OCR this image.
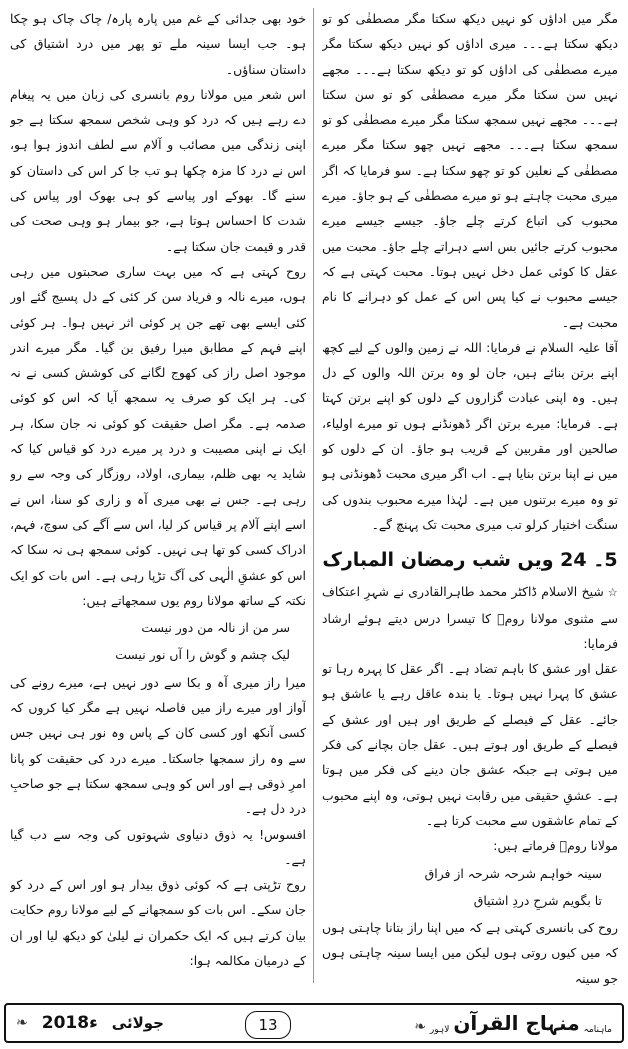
مگر میں اداؤں کو نہیں دیکھ سکتا مگر مصطفٰی کو تو دیکھ سکتا ہے۔۔۔ میری اداؤں کو نہیں دیکھ سکتا مگر میرے مصطفٰی کی اداؤں کو تو دیکھ سکتا ہے۔۔۔ مجھے نہیں سن سکتا مگر میرے مصطفٰی کو تو سن سکتا ہے۔۔۔ مجھے نہیں سمجھ سکتا مگر میرے مصطفٰی کو تو سمجھ سکتا ہے۔۔۔ مجھے نہیں چھو سکتا مگر میرے مصطفٰی کے نعلین کو تو چھو سکتا ہے۔ سو فرمایا کہ اگر میری محبت چاہتے ہو تو میرے مصطفٰی کے ہو جاؤ۔ میرے محبوب کی اتباع کرتے چلے جاؤ۔ جیسے جیسے میرے محبوب کرتے جائیں بس اسے دہراتے چلے جاؤ۔ محبت میں عقل کا کوئی عمل دخل نہیں ہوتا۔ محبت کہتی ہے کہ جیسے محبوب نے کیا پس اس کے عمل کو دہرانے کا نام محبت ہے۔

آقا علیہ السلام نے فرمایا: اللہ نے زمین والوں کے لیے کچھ اپنے برتن بنائے ہیں، جان لو وہ برتن اللہ والوں کے دل ہیں۔ وہ اپنی عبادت گزاروں کے دلوں کو اپنے برتن کہتا ہے۔ فرمایا: میرے برتن اگر ڈھونڈنے ہوں تو میرے اولیاء، صالحین اور مقربین کے قریب ہو جاؤ۔ ان کے دلوں کو میں نے اپنا برتن بنایا ہے۔ اب اگر میری محبت ڈھونڈنی ہو تو وہ میرے برتنوں میں ہے۔ لہٰذا میرے محبوب بندوں کی سنگت اختیار کرلو تب میری محبت تک پہنچ گے۔

5۔ 24 ویں شب رمضان المبارک

☆شیخ الاسلام ڈاکٹر محمد طاہرالقادری نے شہرِ اعتکاف سے مثنوی مولانا رومؒ کا تیسرا درس دیتے ہوئے ارشاد فرمایا:

عقل اور عشق کا باہم تضاد ہے۔ اگر عقل کا پہرہ رہا تو عشق کا پہرا نہیں ہوتا۔ یا بندہ عاقل رہے یا عاشق ہو جائے۔ عقل کے فیصلے کے طریق اور ہیں اور عشق کے فیصلے کے طریق اور ہوتے ہیں۔ عقل جان بچانے کی فکر میں ہوتی ہے جبکہ عشق جان دینے کی فکر میں ہوتا ہے۔ عشقِ حقیقی میں رقابت نہیں ہوتی، وہ اپنے محبوب کے تمام عاشقوں سے محبت کرتا ہے۔

مولانا رومؒ فرماتے ہیں:

سینہ خواہم شرحہ شرحہ از فراق
تا بگویم شرحِ دردِ اشتیاق

روح کی بانسری کہتی ہے کہ میں اپنا راز بتانا چاہتی ہوں کہ میں کیوں روتی ہوں لیکن میں ایسا سینہ چاہتی ہوں جو سینہ

خود بھی جدائی کے غم میں پارہ پارہ/ چاک چاک ہو چکا ہو۔ جب ایسا سینہ ملے تو پھر میں درد اشتیاق کی داستان سناؤں۔

اس شعر میں مولانا روم بانسری کی زبان میں یہ پیغام دے رہے ہیں کہ درد کو وہی شخص سمجھ سکتا ہے جو اپنی زندگی میں مصائب و آلام سے لطف اندوز ہوا ہو، اس نے درد کا مزہ چکھا ہو تب جا کر اس کی داستان کو سنے گا۔ بھوکے اور پیاسے کو ہی بھوک اور پیاس کی شدت کا احساس ہوتا ہے، جو بیمار ہو وہی صحت کی قدر و قیمت جان سکتا ہے۔

روح کہتی ہے کہ میں بہت ساری صحبتوں میں رہی ہوں، میرے نالہ و فریاد سن کر کئی کے دل پسیج گئے اور کئی ایسے بھی تھے جن پر کوئی اثر نہیں ہوا۔ ہر کوئی اپنے فہم کے مطابق میرا رفیق بن گیا۔ مگر میرے اندر موجود اصل راز کی کھوج لگانے کی کوشش کسی نے نہ کی۔ ہر ایک کو صرف یہ سمجھ آیا کہ اس کو کوئی صدمہ ہے۔ مگر اصل حقیقت کو کوئی نہ جان سکا، ہر ایک نے اپنی مصیبت و درد پر میرے درد کو قیاس کیا کہ شاید یہ بھی ظلم، بیماری، اولاد، روزگار کی وجہ سے رو رہی ہے۔ جس نے بھی میری آہ و زاری کو سنا، اس نے اسے اپنے آلام پر قیاس کر لیا، اس سے آگے کی سوچ، فہم، ادراک کسی کو تھا ہی نہیں۔ کوئی سمجھ ہی نہ سکا کہ اس کو عشقِ الٰہی کی آگ تڑپا رہی ہے۔ اس بات کو ایک نکتہ کے ساتھ مولانا روم یوں سمجھاتے ہیں:

سر من از نالہ من دور نیست
لیک چشم و گوش را آں نور نیست

میرا راز میری آہ و بکا سے دور نہیں ہے، میرے رونے کی آواز اور میرے راز میں فاصلہ نہیں ہے مگر کیا کروں کہ کسی آنکھ اور کسی کان کے پاس وہ نور ہی نہیں جس سے وہ راز سمجھا جاسکتا۔ میرے درد کی حقیقت کو پانا امرِ ذوقی ہے اور اس کو وہی سمجھ سکتا ہے جو صاحبِ درد دل ہے۔

افسوس! یہ ذوق دنیاوی شہوتوں کی وجہ سے دب گیا ہے۔

روح تڑپتی ہے کہ کوئی ذوق بیدار ہو اور اس کے درد کو جان سکے۔ اس بات کو سمجھانے کے لیے مولانا روم حکایت بیان کرتے ہیں کہ ایک حکمران نے لیلیٰ کو دیکھ لیا اور ان کے درمیان مکالمہ ہوا:

❧ 2018ء جولائی	13	ماہنامہ
منہاج القرآن
لاہور
❧
